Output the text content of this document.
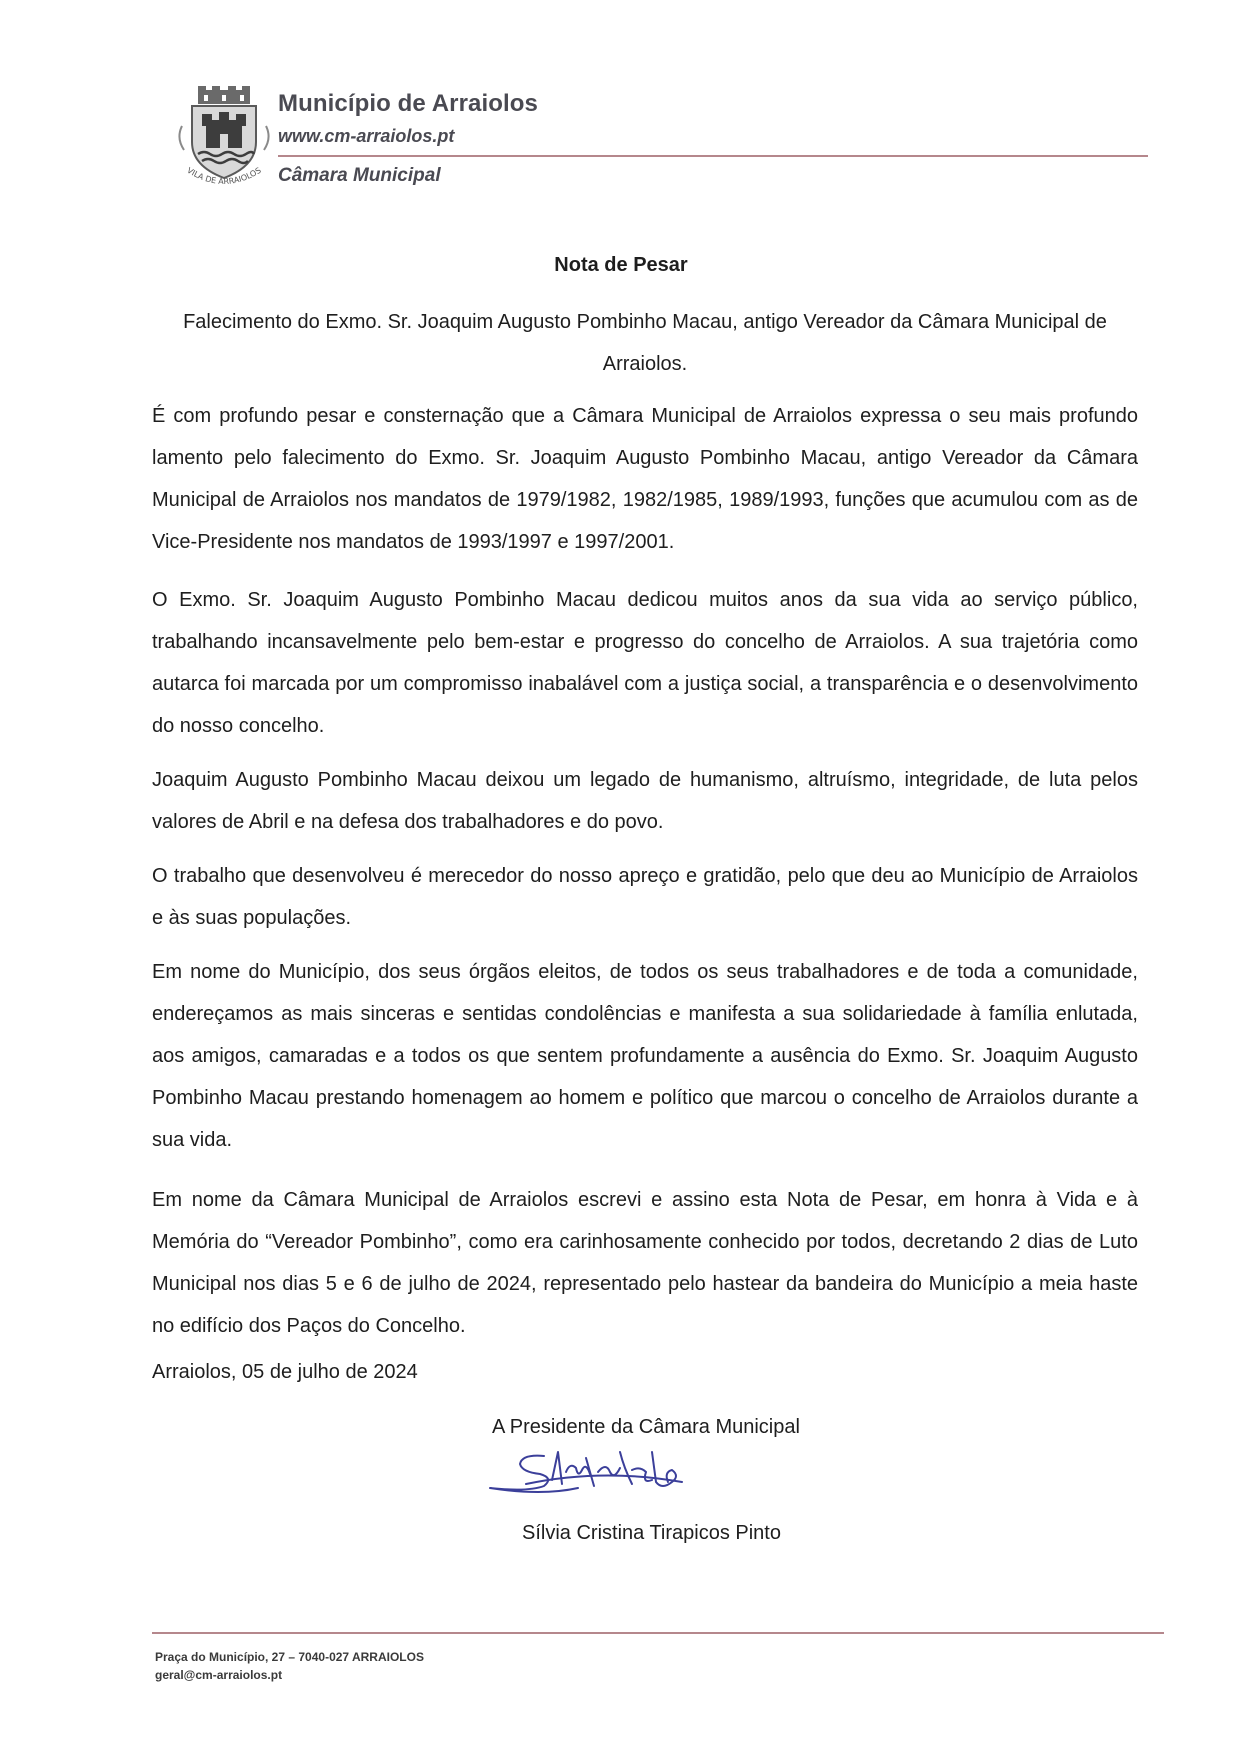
VILA DE ARRAIOLOS
Município de Arraiolos
www.cm-arraiolos.pt
Câmara Municipal
Nota de Pesar
Falecimento do Exmo. Sr. Joaquim Augusto Pombinho Macau, antigo Vereador da Câmara Municipal de Arraiolos.
É com profundo pesar e consternação que a Câmara Municipal de Arraiolos expressa o seu mais profundo lamento pelo falecimento do Exmo. Sr. Joaquim Augusto Pombinho Macau, antigo Vereador da Câmara Municipal de Arraiolos nos mandatos de 1979/1982, 1982/1985, 1989/1993, funções que acumulou com as de Vice-Presidente nos mandatos de 1993/1997 e 1997/2001.
O Exmo. Sr. Joaquim Augusto Pombinho Macau dedicou muitos anos da sua vida ao serviço público, trabalhando incansavelmente pelo bem-estar e progresso do concelho de Arraiolos. A sua trajetória como autarca foi marcada por um compromisso inabalável com a justiça social, a transparência e o desenvolvimento do nosso concelho.
Joaquim Augusto Pombinho Macau deixou um legado de humanismo, altruísmo, integridade, de luta pelos valores de Abril e na defesa dos trabalhadores e do povo.
O trabalho que desenvolveu é merecedor do nosso apreço e gratidão, pelo que deu ao Município de Arraiolos e às suas populações.
Em nome do Município, dos seus órgãos eleitos, de todos os seus trabalhadores e de toda a comunidade, endereçamos as mais sinceras e sentidas condolências e manifesta a sua solidariedade à família enlutada, aos amigos, camaradas e a todos os que sentem profundamente a ausência do Exmo. Sr. Joaquim Augusto Pombinho Macau prestando homenagem ao homem e político que marcou o concelho de Arraiolos durante a sua vida.
Em nome da Câmara Municipal de Arraiolos escrevi e assino esta Nota de Pesar, em honra à Vida e à Memória do “Vereador Pombinho”, como era carinhosamente conhecido por todos, decretando 2 dias de Luto Municipal nos dias 5 e 6 de julho de 2024, representado pelo hastear da bandeira do Município a meia haste no edifício dos Paços do Concelho.
Arraiolos, 05 de julho de 2024
A Presidente da Câmara Municipal
Sílvia Cristina Tirapicos Pinto
Praça do Município, 27 – 7040-027 ARRAIOLOS
geral@cm-arraiolos.pt
